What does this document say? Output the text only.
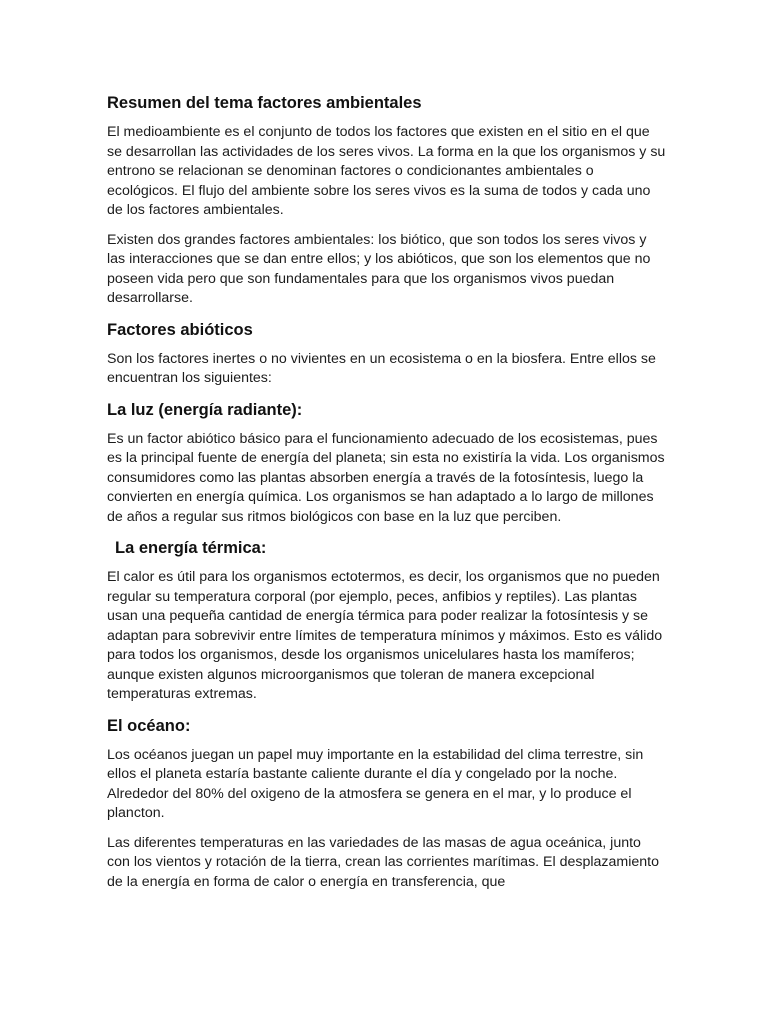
Resumen del tema factores ambientales

El medioambiente es el conjunto de todos los factores que existen en el sitio en el que se desarrollan las actividades de los seres vivos. La forma en la que los organismos y su entrono se relacionan se denominan factores o condicionantes ambientales o ecológicos. El flujo del ambiente sobre los seres vivos es la suma de todos y cada uno de los factores ambientales.

Existen dos grandes factores ambientales: los biótico, que son todos los seres vivos y las interacciones que se dan entre ellos; y los abióticos, que son los elementos que no poseen vida pero que son fundamentales para que los organismos vivos puedan desarrollarse.

Factores abióticos

Son los factores inertes o no vivientes en un ecosistema o en la biosfera. Entre ellos se encuentran los siguientes:

La luz (energía radiante):

Es un factor abiótico básico para el funcionamiento adecuado de los ecosistemas, pues es la principal fuente de energía del planeta; sin esta no existiría la vida. Los organismos consumidores como las plantas absorben energía a través de la fotosíntesis, luego la convierten en energía química. Los organismos se han adaptado a lo largo de millones de años a regular sus ritmos biológicos con base en la luz que perciben.

La energía térmica:

El calor es útil para los organismos ectotermos, es decir, los organismos que no pueden regular su temperatura corporal (por ejemplo, peces, anfibios y reptiles). Las plantas usan una pequeña cantidad de energía térmica para poder realizar la fotosíntesis y se adaptan para sobrevivir entre límites de temperatura mínimos y máximos. Esto es válido para todos los organismos, desde los organismos unicelulares hasta los mamíferos; aunque existen algunos microorganismos que toleran de manera excepcional temperaturas extremas.

El océano:

Los océanos juegan un papel muy importante en la estabilidad del clima terrestre, sin ellos el planeta estaría bastante caliente durante el día y congelado por la noche. Alrededor del 80% del oxigeno de la atmosfera se genera en el mar, y lo produce el plancton.

Las diferentes temperaturas en las variedades de las masas de agua oceánica, junto con los vientos y rotación de la tierra, crean las corrientes marítimas. El desplazamiento de la energía en forma de calor o energía en transferencia, que
